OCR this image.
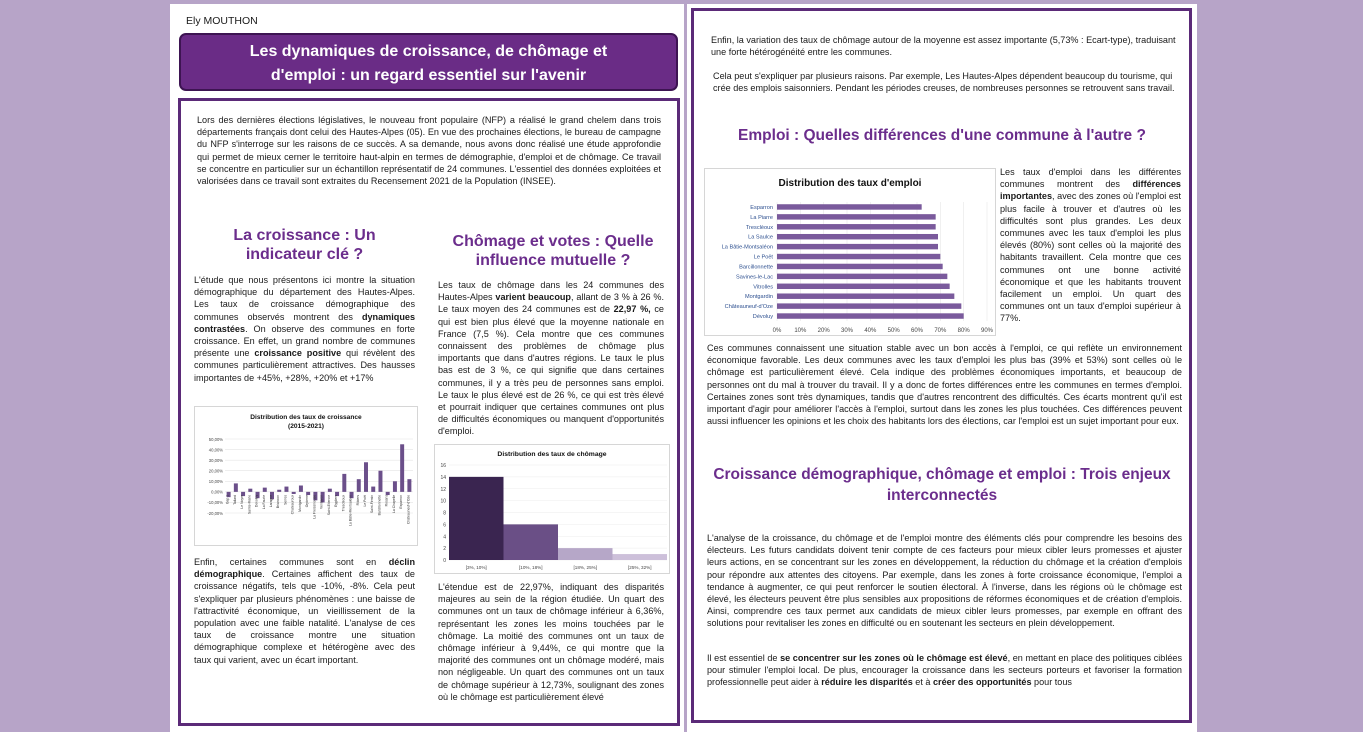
Ely MOUTHON
Les dynamiques de croissance, de chômage et
d'emploi : un regard essentiel sur l'avenir
Lors des dernières élections législatives, le nouveau front populaire (NFP) a réalisé le grand chelem dans trois départements français dont celui des Hautes-Alpes (05). En vue des prochaines élections, le bureau de campagne du NFP s'interroge sur les raisons de ce succès. A sa demande, nous avons donc réalisé une étude approfondie qui permet de mieux cerner le territoire haut-alpin en termes de démographie, d'emploi et de chômage. Ce travail se concentre en particulier sur un échantillon représentatif de 24 communes. L'essentiel des données exploitées et valorisées dans ce travail sont extraites du Recensement 2021 de la Population (INSEE).
La croissance : Un
indicateur clé ?
L'étude que nous présentons ici montre la situation démographique du département des Hautes-Alpes. Les taux de croissance démographique des communes observés montrent des dynamiques contrastées. On observe des communes en forte croissance. En effet, un grand nombre de communes présente une croissance positive qui révèlent des communes particulièrement attractives. Des hausses importantes de +45%, +28%, +20% et +17%
Distribution des taux de croissance
(2015-2021)
50,00%
40,00%
30,00%
20,00%
10,00%
0,00%
-10,00%
-20,00%
Gap 1 Tallard Le Noyer Sainte-Marie Devoluy La Faurie Laragne Briancon Serres Chateauroux Montgardin Orpierre La Freissinouse Ventavon Saint-Etienne Eygliers Tresclèoux La Bâtie-Montsaléon Ribiers Le Poët Saint-Firmin Barcillonnette Rosans La Chapelle Esparron Châteauneuf-d'Oze
Enfin, certaines communes sont en déclin démographique. Certaines affichent des taux de croissance négatifs, tels que -10%, -8%. Cela peut s'expliquer par plusieurs phénomènes : une baisse de l'attractivité économique, un vieillissement de la population avec une faible natalité. L'analyse de ces taux de croissance montre une situation démographique complexe et hétérogène avec des taux qui varient, avec un écart important.
Chômage et votes : Quelle
influence mutuelle ?
Les taux de chômage dans les 24 communes des Hautes-Alpes varient beaucoup, allant de 3 % à 26 %. Le taux moyen des 24 communes est de 22,97 %, ce qui est bien plus élevé que la moyenne nationale en France (7,5 %). Cela montre que ces communes connaissent des problèmes de chômage plus importants que dans d'autres régions. Le taux le plus bas est de 3 %, ce qui signifie que dans certaines communes, il y a très peu de personnes sans emploi. Le taux le plus élevé est de 26 %, ce qui est très élevé et pourrait indiquer que certaines communes ont plus de difficultés économiques ou manquent d'opportunités d'emploi.
Distribution des taux de chômage
16
14
12
10
8
6
4
2
0
[3%, 10%]	[10%, 18%]	[18%, 25%]	[25%, 32%]
L'étendue est de 22,97%, indiquant des disparités majeures au sein de la région étudiée. Un quart des communes ont un taux de chômage inférieur à 6,36%, représentant les zones les moins touchées par le chômage. La moitié des communes ont un taux de chômage inférieur à 9,44%, ce qui montre que la majorité des communes ont un chômage modéré, mais non négligeable. Un quart des communes ont un taux de chômage supérieur à 12,73%, soulignant des zones où le chômage est particulièrement élevé
Enfin, la variation des taux de chômage autour de la moyenne est assez importante (5,73% : Ecart-type), traduisant une forte hétérogénéité entre les communes.
Cela peut s'expliquer par plusieurs raisons. Par exemple, Les Hautes-Alpes dépendent beaucoup du tourisme, qui crée des emplois saisonniers. Pendant les périodes creuses, de nombreuses personnes se retrouvent sans travail.
Emploi : Quelles différences d'une commune à l'autre ?
Distribution des taux d'emploi
0% 10% 20% 30% 40% 50% 60% 70% 80% 90%
Esparron
La Piarre
Tresclèoux
La Saulce
La Bâtie-Montsaléon
Le Poët
Barcillonnette
Savines-le-Lac
Vitrolles
Montgardin
Châteauneuf-d'Oze
Dévoluy
Les taux d'emploi dans les différentes communes montrent des différences importantes, avec des zones où l'emploi est plus facile à trouver et d'autres où les difficultés sont plus grandes. Les deux communes avec les taux d'emploi les plus élevés (80%) sont celles où la majorité des habitants travaillent. Cela montre que ces communes ont une bonne activité économique et que les habitants trouvent facilement un emploi. Un quart des communes ont un taux d'emploi supérieur à 77%.
Ces communes connaissent une situation stable avec un bon accès à l'emploi, ce qui reflète un environnement économique favorable. Les deux communes avec les taux d'emploi les plus bas (39% et 53%) sont celles où le chômage est particulièrement élevé. Cela indique des problèmes économiques importants, et beaucoup de personnes ont du mal à trouver du travail. Il y a donc de fortes différences entre les communes en termes d'emploi. Certaines zones sont très dynamiques, tandis que d'autres rencontrent des difficultés. Ces écarts montrent qu'il est important d'agir pour améliorer l'accès à l'emploi, surtout dans les zones les plus touchées. Ces différences peuvent aussi influencer les opinions et les choix des habitants lors des élections, car l'emploi est un sujet important pour eux.
Croissance démographique, chômage et emploi : Trois enjeux
interconnectés
L'analyse de la croissance, du chômage et de l'emploi montre des éléments clés pour comprendre les besoins des électeurs. Les futurs candidats doivent tenir compte de ces facteurs pour mieux cibler leurs promesses et ajuster leurs actions, en se concentrant sur les zones en développement, la réduction du chômage et la création d'emplois pour répondre aux attentes des citoyens. Par exemple, dans les zones à forte croissance économique, l'emploi a tendance à augmenter, ce qui peut renforcer le soutien électoral. À l'inverse, dans les régions où le chômage est élevé, les électeurs peuvent être plus sensibles aux propositions de réformes économiques et de création d'emplois. Ainsi, comprendre ces taux permet aux candidats de mieux cibler leurs promesses, par exemple en offrant des solutions pour revitaliser les zones en difficulté ou en soutenant les secteurs en plein développement.
Il est essentiel de se concentrer sur les zones où le chômage est élevé, en mettant en place des politiques ciblées pour stimuler l'emploi local. De plus, encourager la croissance dans les secteurs porteurs et favoriser la formation professionnelle peut aider à réduire les disparités et à créer des opportunités pour tous
